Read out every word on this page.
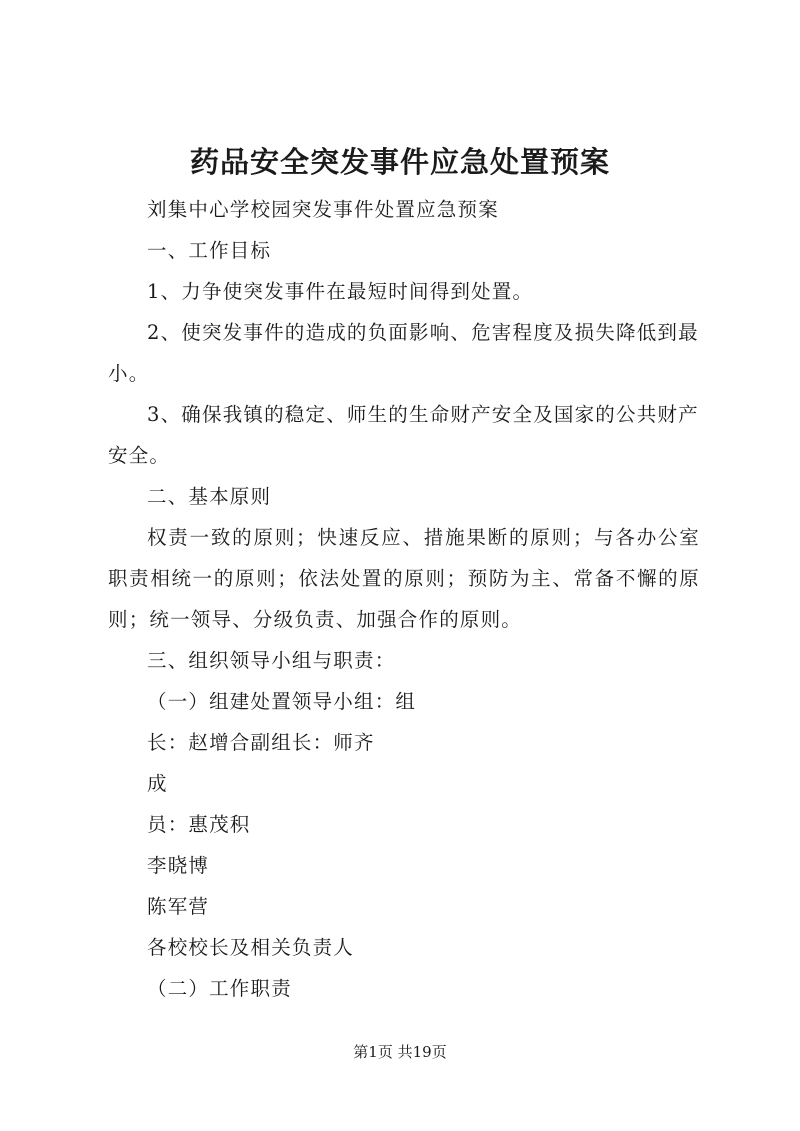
药品安全突发事件应急处置预案

刘集中心学校园突发事件处置应急预案

一、工作目标

1、力争使突发事件在最短时间得到处置。

2、使突发事件的造成的负面影响、危害程度及损失降低到最小。

3、确保我镇的稳定、师生的生命财产安全及国家的公共财产安全。

二、基本原则

权责一致的原则；快速反应、措施果断的原则；与各办公室职责相统一的原则；依法处置的原则；预防为主、常备不懈的原则；统一领导、分级负责、加强合作的原则。

三、组织领导小组与职责：

（一）组建处置领导小组：组

长：赵增合副组长：师齐

成

员：惠茂积

李晓博

陈军营

各校校长及相关负责人

（二）工作职责

第1页 共19页
